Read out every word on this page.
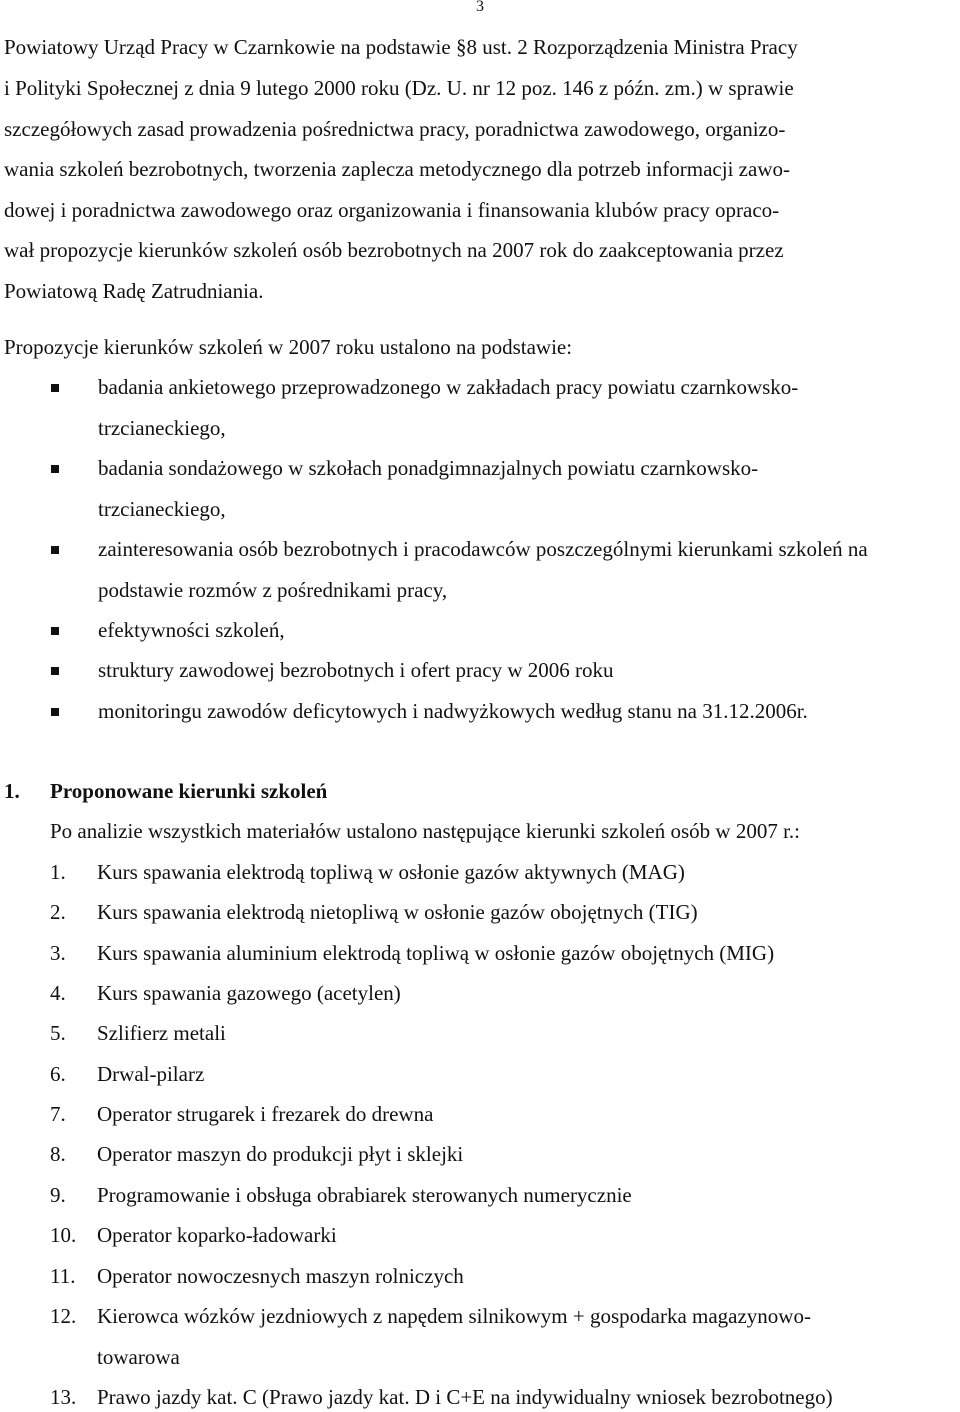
3
Powiatowy Urząd Pracy w Czarnkowie na podstawie §8 ust. 2 Rozporządzenia Ministra Pracy
i Polityki Społecznej z dnia 9 lutego 2000 roku (Dz. U. nr 12 poz. 146 z późn. zm.) w sprawie
szczegółowych zasad prowadzenia pośrednictwa pracy, poradnictwa zawodowego, organizo-
wania szkoleń bezrobotnych, tworzenia zaplecza metodycznego dla potrzeb informacji zawo-
dowej i poradnictwa zawodowego oraz organizowania i finansowania klubów pracy opraco-
wał propozycje kierunków szkoleń osób bezrobotnych na 2007 rok do zaakceptowania przez
Powiatową Radę Zatrudniania.
Propozycje kierunków szkoleń w 2007 roku ustalono na podstawie:
badania ankietowego przeprowadzonego w zakładach pracy powiatu czarnkowsko-
trzcianeckiego,
badania sondażowego w szkołach ponadgimnazjalnych powiatu czarnkowsko-
trzcianeckiego,
zainteresowania osób bezrobotnych i pracodawców poszczególnymi kierunkami szkoleń na
podstawie rozmów z pośrednikami pracy,
efektywności szkoleń,
struktury zawodowej bezrobotnych i ofert pracy w 2006 roku
monitoringu zawodów deficytowych i nadwyżkowych według stanu na 31.12.2006r.
1. Proponowane kierunki szkoleń
Po analizie wszystkich materiałów ustalono następujące kierunki szkoleń osób w 2007 r.:
1. Kurs spawania elektrodą topliwą w osłonie gazów aktywnych (MAG)
2. Kurs spawania elektrodą nietopliwą w osłonie gazów obojętnych (TIG)
3. Kurs spawania aluminium elektrodą topliwą w osłonie gazów obojętnych (MIG)
4. Kurs spawania gazowego (acetylen)
5. Szlifierz metali
6. Drwal-pilarz
7. Operator strugarek i frezarek do drewna
8. Operator maszyn do produkcji płyt i sklejki
9. Programowanie i obsługa obrabiarek sterowanych numerycznie
10. Operator koparko-ładowarki
11. Operator nowoczesnych maszyn rolniczych
12. Kierowca wózków jezdniowych z napędem silnikowym + gospodarka magazynowo-
towarowa
13. Prawo jazdy kat. C (Prawo jazdy kat. D i C+E na indywidualny wniosek bezrobotnego)
